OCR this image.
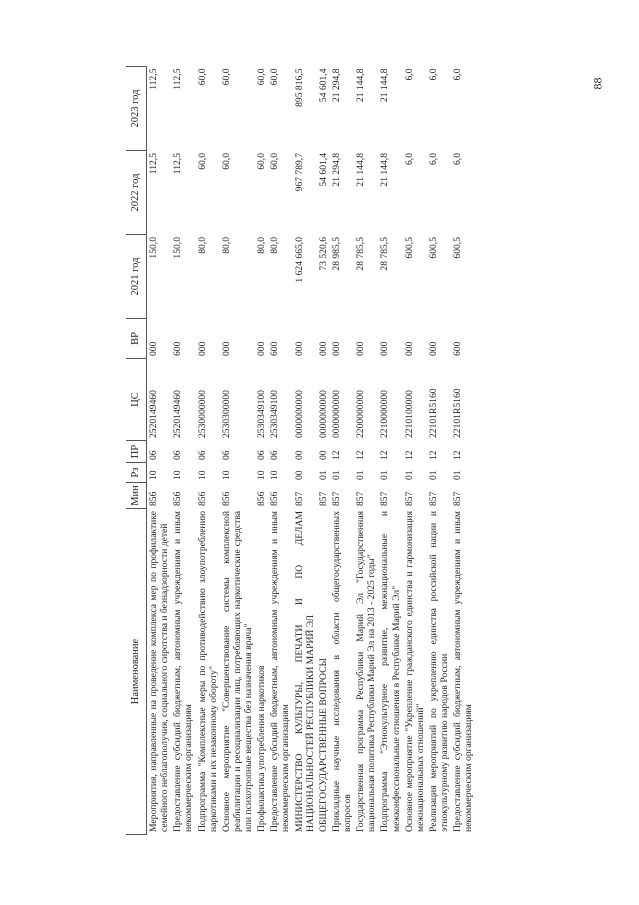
88
Наименование	Мин	Рз	ПР	ЦС	ВР	2021 год	2022 год	2023 год
Мероприятия, направленные на проведение комплекса мер по профилактике семейного неблагополучия, социального сиротства и безнадзорности детей	856	10	06	2520149460	000	150,0	112,5	112,5
Предоставление субсидий бюджетным, автономным учреждениям и иным некоммерческим организациям	856	10	06	2520149460	600	150,0	112,5	112,5
Подпрограмма "Комплексные меры по противодействию злоупотреблению наркотиками и их незаконному обороту"	856	10	06	2530000000	000	80,0	60,0	60,0
Основное мероприятие "Совершенствование системы комплексной реабилитации и ресоциализации лиц, потребляющих наркотические средства или психотропные вещества без назначения врача"	856	10	06	2530300000	000	80,0	60,0	60,0
Профилактика употребления наркотиков	856	10	06	2530349100	000	80,0	60,0	60,0
Предоставление субсидий бюджетным, автономным учреждениям и иным некоммерческим организациям	856	10	06	2530349100	600	80,0	60,0	60,0
МИНИСТЕРСТВО КУЛЬТУРЫ, ПЕЧАТИ И ПО ДЕЛАМ НАЦИОНАЛЬНОСТЕЙ РЕСПУБЛИКИ МАРИЙ ЭЛ	857	00	00	0000000000	000	1 624 665,0	967 789,7	895 816,5
ОБЩЕГОСУДАРСТВЕННЫЕ ВОПРОСЫ	857	01	00	0000000000	000	73 520,6	54 601,4	54 601,4
Прикладные научные исследования в области общегосударственных вопросов	857	01	12	0000000000	000	28 985,5	21 294,8	21 294,8
Государственная программа Республики Марий Эл "Государственная национальная политика Республики Марий Эл на 2013 - 2025 годы"	857	01	12	2200000000	000	28 785,5	21 144,8	21 144,8
Подпрограмма "Этнокультурное развитие, межнациональные и межконфессиональные отношения в Республике Марий Эл"	857	01	12	2210000000	000	28 785,5	21 144,8	21 144,8
Основное мероприятие "Укрепление гражданского единства и гармонизация межнациональных отношений"	857	01	12	2210100000	000	600,5	6,0	6,0
Реализация мероприятий по укреплению единства российской нации и этнокультурному развитию народов России	857	01	12	22101R5160	000	600,5	6,0	6,0
Предоставление субсидий бюджетным, автономным учреждениям и иным некоммерческим организациям	857	01	12	22101R5160	600	600,5	6,0	6,0
